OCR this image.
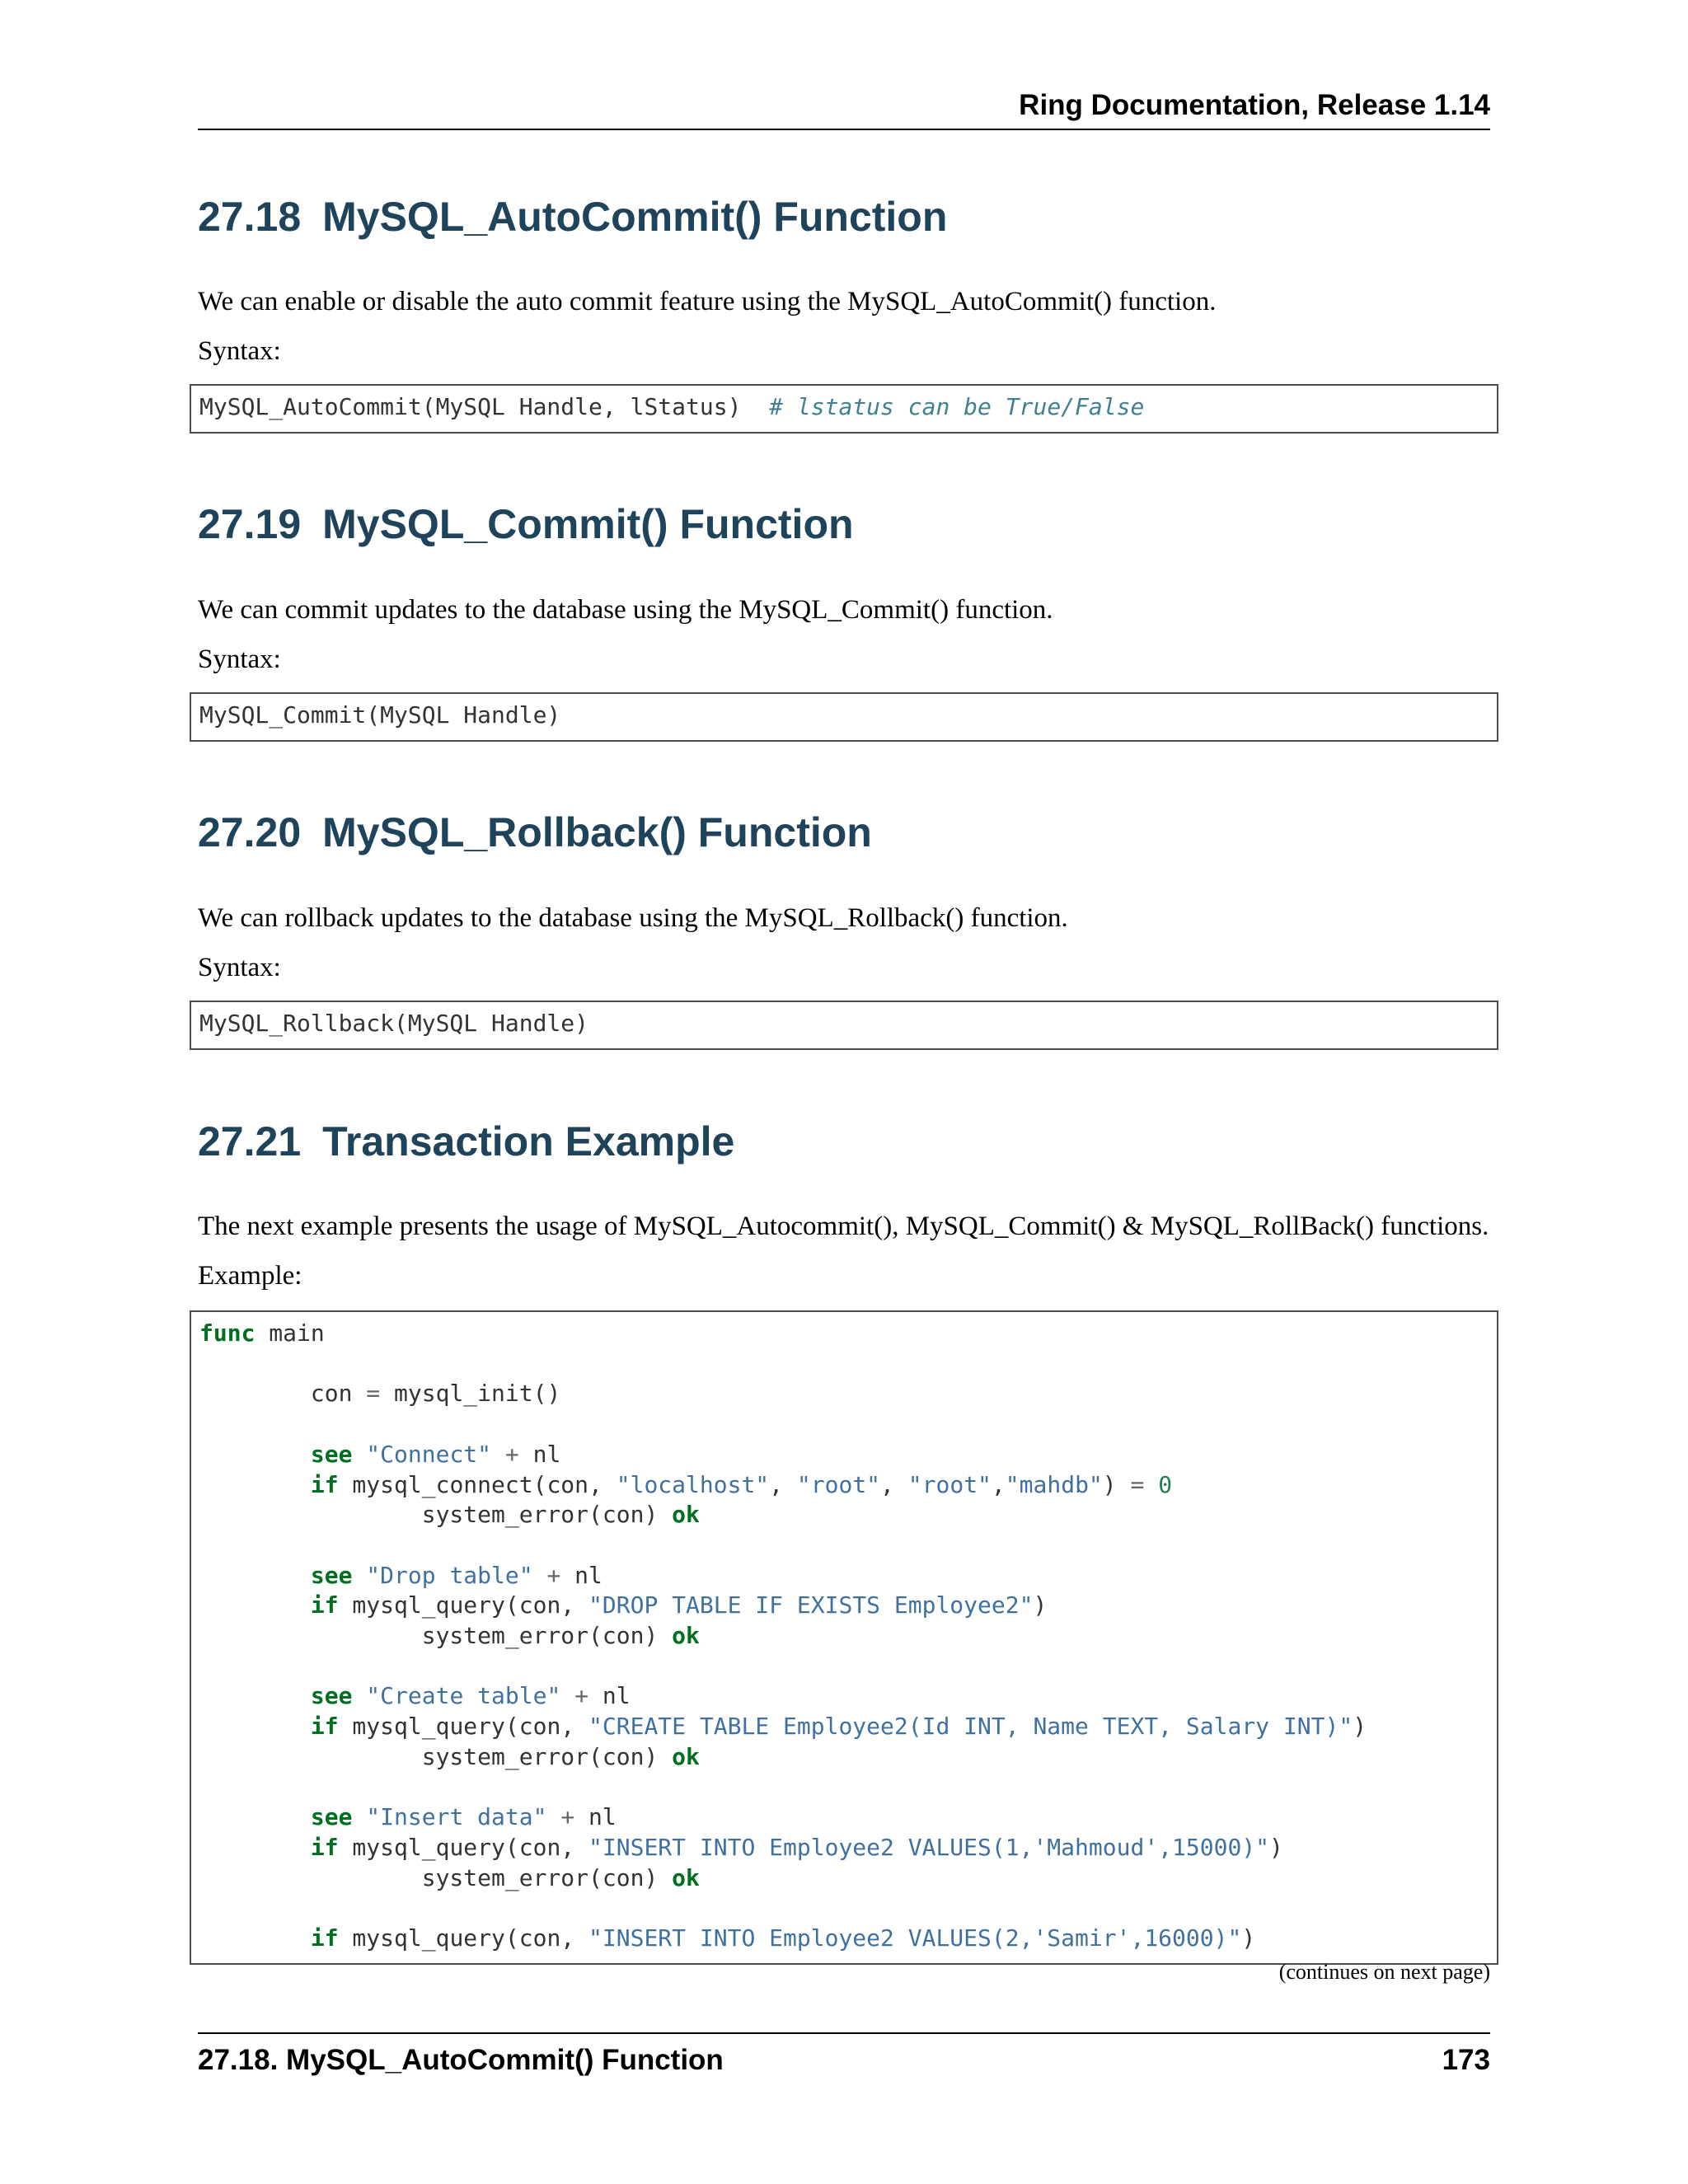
Ring Documentation, Release 1.14
27.18 MySQL_AutoCommit() Function

We can enable or disable the auto commit feature using the MySQL_AutoCommit() function.

Syntax:

MySQL_AutoCommit(MySQL Handle, lStatus) # lstatus can be True/False
27.19 MySQL_Commit() Function

We can commit updates to the database using the MySQL_Commit() function.

Syntax:

MySQL_Commit(MySQL Handle)
27.20 MySQL_Rollback() Function

We can rollback updates to the database using the MySQL_Rollback() function.

Syntax:

MySQL_Rollback(MySQL Handle)
27.21 Transaction Example

The next example presents the usage of MySQL_Autocommit(), MySQL_Commit() & MySQL_RollBack() functions.

Example:

func main

con = mysql_init()

see "Connect" + nl
if mysql_connect(con, "localhost", "root", "root","mahdb") = 0
system_error(con) ok

see "Drop table" + nl
if mysql_query(con, "DROP TABLE IF EXISTS Employee2")
system_error(con) ok

see "Create table" + nl
if mysql_query(con, "CREATE TABLE Employee2(Id INT, Name TEXT, Salary INT)")
system_error(con) ok

see "Insert data" + nl
if mysql_query(con, "INSERT INTO Employee2 VALUES(1,'Mahmoud',15000)")
system_error(con) ok

if mysql_query(con, "INSERT INTO Employee2 VALUES(2,'Samir',16000)")
(continues on next page)
27.18. MySQL_AutoCommit() Function	173
